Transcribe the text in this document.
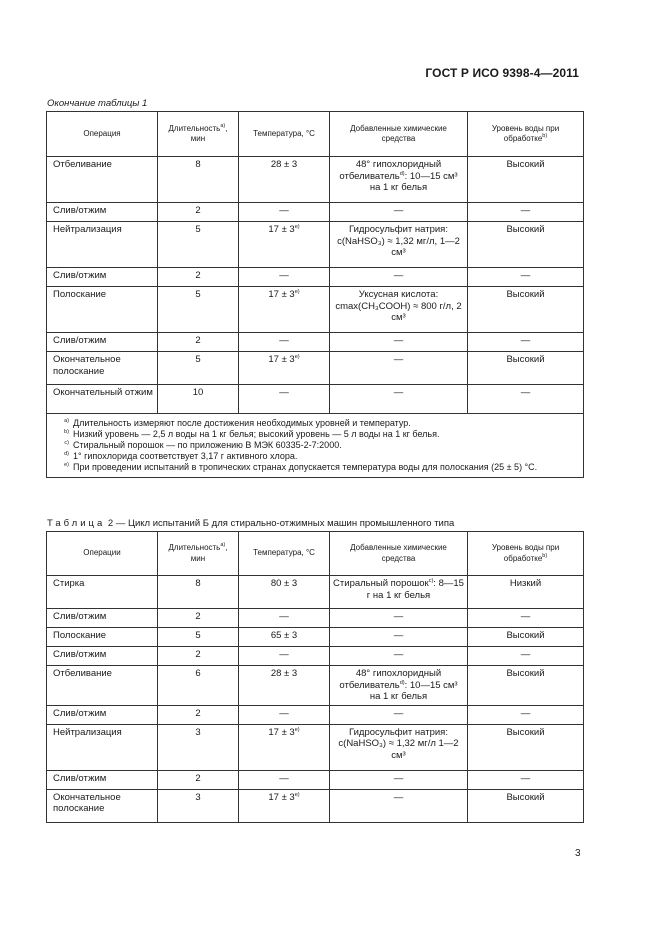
ГОСТ Р ИСО 9398-4—2011
Окончание таблицы 1
Операция	Длительность$^{а)}$, мин	Температура, °С	Добавленные химические средства	Уровень воды при обработке$^{b)}$
Отбеливание	8	28 ± 3	48° гипохлоридный отбеливатель$^{d)}$: 10—15 см³ на 1 кг белья	Высокий
Слив/отжим	2	—	—	—
Нейтрализация	5	$17 \pm 3^{е)}$	Гидросульфит натрия: c(NaHSO₃) ≈ 1,32 мг/л, 1—2 см³	Высокий
Слив/отжим	2	—	—	—
Полоскание	5	$17 \pm 3^{е)}$	Уксусная кислота: cmax(CH₃COOH) ≈ 800 г/л, 2 см³	Высокий
Слив/отжим	2	—	—	—
Окончательное полоскание	5	$17 \pm 3^{е)}$	—	Высокий
Окончательный отжим	10	—	—	—

а) Длительность измеряют после достижения необходимых уровней и температур.
b) Низкий уровень — 2,5 л воды на 1 кг белья; высокий уровень — 5 л воды на 1 кг белья.
с) Стиральный порошок — по приложению В МЭК 60335-2-7:2000.
d) 1° гипохлорида соответствует 3,17 г активного хлора.
е) При проведении испытаний в тропических странах допускается температура воды для полоскания (25 ± 5) °С.				
Таблица 2 — Цикл испытаний Б для стирально-отжимных машин промышленного типа
Операции	Длительность$^{а)}$, мин	Температура, °С	Добавленные химические средства	Уровень воды при обработке$^{b)}$
Стирка	8	80 ± 3	Стиральный порошок$^{с)}$: 8—15 г на 1 кг белья	Низкий
Слив/отжим	2	—	—	—
Полоскание	5	65 ± 3	—	Высокий
Слив/отжим	2	—	—	—
Отбеливание	6	28 ± 3	48° гипохлоридный отбеливатель$^{d)}$: 10—15 см³ на 1 кг белья	Высокий
Слив/отжим	2	—	—	—
Нейтрализация	3	$17 \pm 3^{е)}$	Гидросульфит натрия: c(NaHSO₃) ≈ 1,32 мг/л 1—2 см³	Высокий
Слив/отжим	2	—	—	—
Окончательное полоскание	3	$17 \pm 3^{е)}$	—	Высокий
3
